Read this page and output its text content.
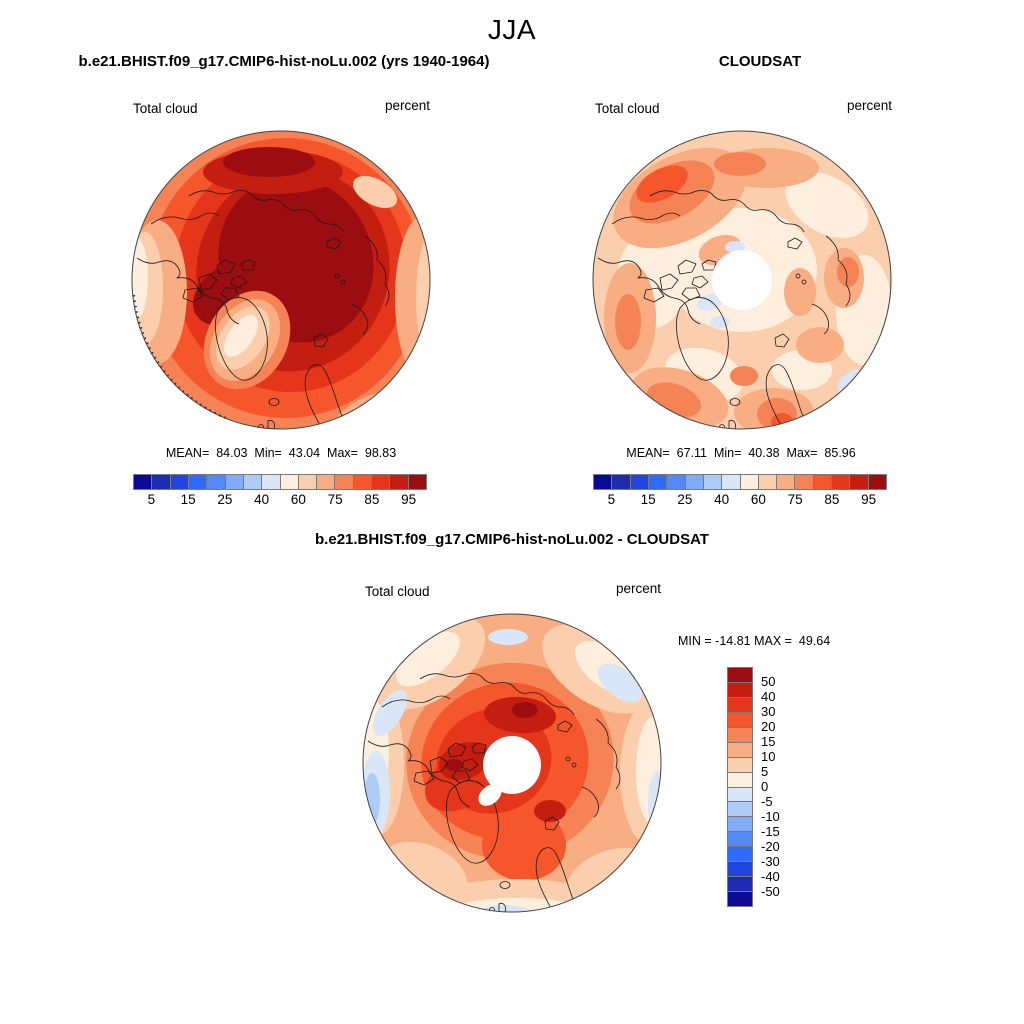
JJA
b.e21.BHIST.f09_g17.CMIP6-hist-noLu.002 (yrs 1940-1964)
Total cloud	percent
MEAN=  84.03  Min=  43.04  Max=  98.83
5 15 25 40 60 75 85 95
CLOUDSAT
Total cloud	percent
MEAN=  67.11  Min=  40.38  Max=  85.96
5 15 25 40 60 75 85 95
b.e21.BHIST.f09_g17.CMIP6-hist-noLu.002 - CLOUDSAT
Total cloud	percent
MIN = -14.81 MAX =  49.64
50
40
30
20
15
10
5
0
-5
-10
-15
-20
-30
-40
-50
